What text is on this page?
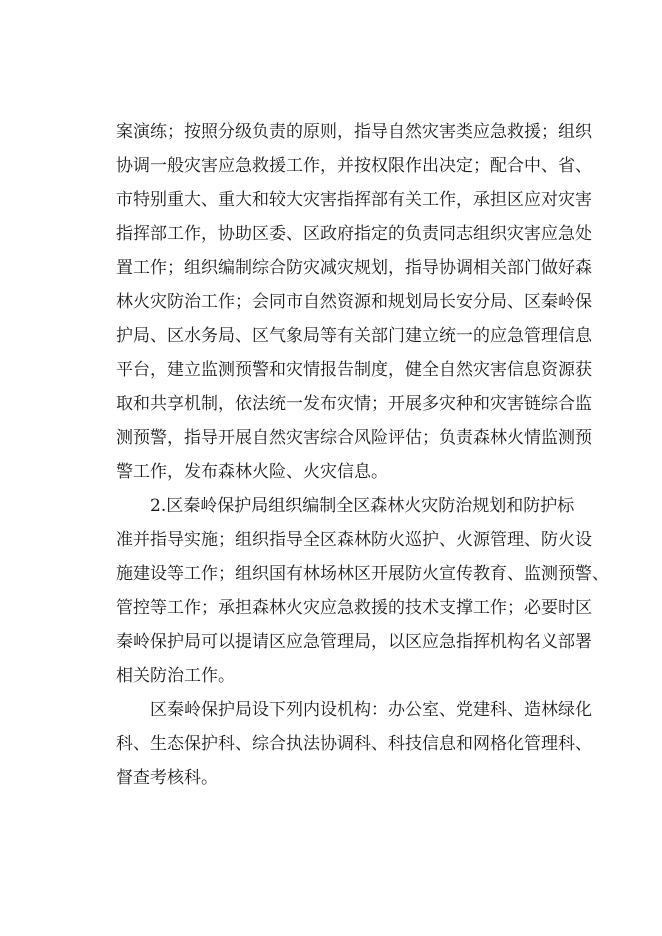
案演练；按照分级负责的原则，指导自然灾害类应急救援；组织
协调一般灾害应急救援工作，并按权限作出决定；配合中、省、
市特别重大、重大和较大灾害指挥部有关工作，承担区应对灾害
指挥部工作，协助区委、区政府指定的负责同志组织灾害应急处
置工作；组织编制综合防灾减灾规划，指导协调相关部门做好森
林火灾防治工作；会同市自然资源和规划局长安分局、区秦岭保
护局、区水务局、区气象局等有关部门建立统一的应急管理信息
平台，建立监测预警和灾情报告制度，健全自然灾害信息资源获
取和共享机制，依法统一发布灾情；开展多灾种和灾害链综合监
测预警，指导开展自然灾害综合风险评估；负责森林火情监测预
警工作，发布森林火险、火灾信息。
2.区秦岭保护局组织编制全区森林火灾防治规划和防护标
准并指导实施；组织指导全区森林防火巡护、火源管理、防火设
施建设等工作；组织国有林场林区开展防火宣传教育、监测预警、
管控等工作；承担森林火灾应急救援的技术支撑工作；必要时区
秦岭保护局可以提请区应急管理局，以区应急指挥机构名义部署
相关防治工作。
区秦岭保护局设下列内设机构：办公室、党建科、造林绿化
科、生态保护科、综合执法协调科、科技信息和网格化管理科、
督查考核科。
